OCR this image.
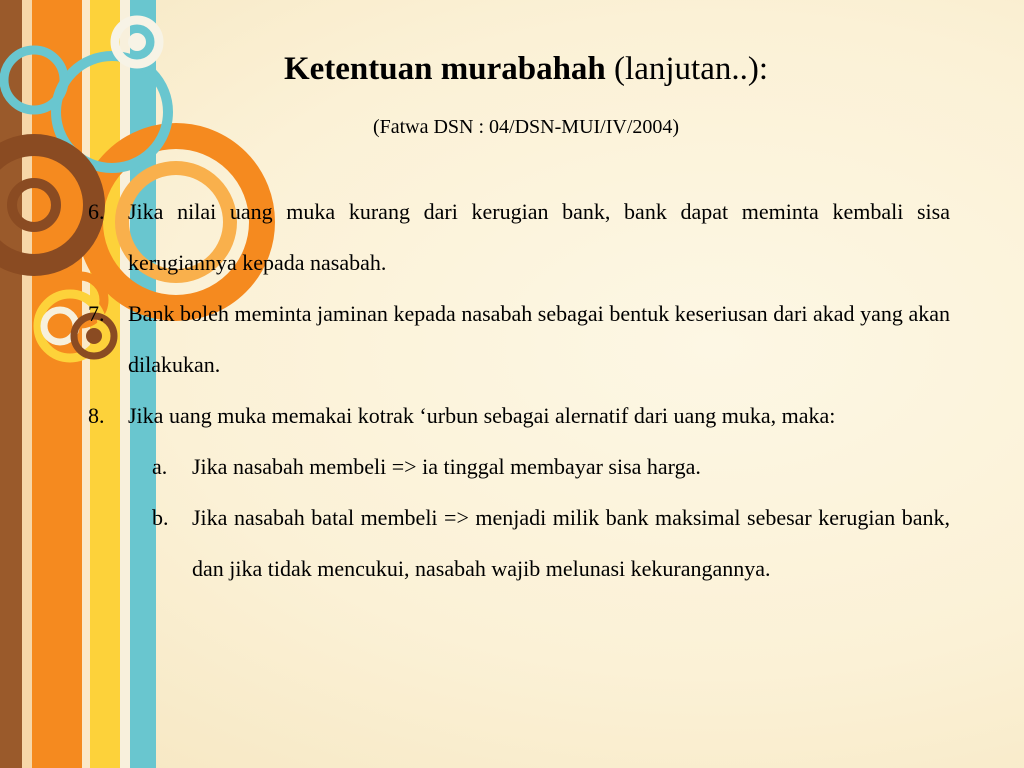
Ketentuan murabahah (lanjutan..):
(Fatwa DSN : 04/DSN-MUI/IV/2004)
6. Jika nilai uang muka kurang dari kerugian bank, bank dapat meminta kembali sisa kerugiannya kepada nasabah.
7. Bank boleh meminta jaminan kepada nasabah sebagai bentuk keseriusan dari akad yang akan dilakukan.
8. Jika uang muka memakai kotrak ‘urbun sebagai alernatif dari uang muka, maka:
a. Jika nasabah membeli => ia tinggal membayar sisa harga.
b. Jika nasabah batal membeli => menjadi milik bank maksimal sebesar kerugian bank, dan jika tidak mencukui, nasabah wajib melunasi kekurangannya.
